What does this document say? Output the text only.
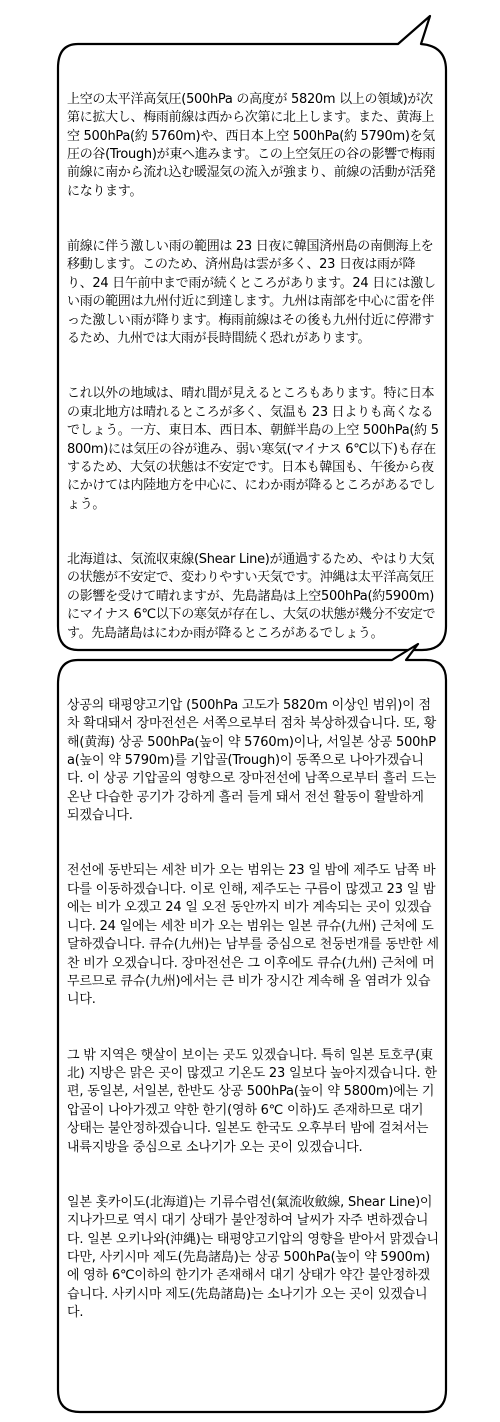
上空の太平洋高気圧(500hPa の高度が 5820m 以上の領域)が次第に拡大し、梅雨前線は西から次第に北上します。また、黄海上空 500hPa(約 5760m)や、西日本上空 500hPa(約 5790m)を気圧の谷(Trough)が東へ進みます。この上空気圧の谷の影響で梅雨前線に南から流れ込む暖湿気の流入が強まり、前線の活動が活発になります。

前線に伴う激しい雨の範囲は 23 日夜に韓国済州島の南側海上を移動します。このため、済州島は雲が多く、23 日夜は雨が降り、24 日午前中まで雨が続くところがあります。24 日には激しい雨の範囲は九州付近に到達します。九州は南部を中心に雷を伴った激しい雨が降ります。梅雨前線はその後も九州付近に停滞するため、九州では大雨が長時間続く恐れがあります。

これ以外の地域は、晴れ間が見えるところもあります。特に日本の東北地方は晴れるところが多く、気温も 23 日よりも高くなるでしょう。一方、東日本、西日本、朝鮮半島の上空 500hPa(約 5800m)には気圧の谷が進み、弱い寒気(マイナス 6℃以下)も存在するため、大気の状態は不安定です。日本も韓国も、午後から夜にかけては内陸地方を中心に、にわか雨が降るところがあるでしょう。

北海道は、気流収束線(Shear Line)が通過するため、やはり大気の状態が不安定で、変わりやすい天気です。沖縄は太平洋高気圧の影響を受けて晴れますが、先島諸島は上空500hPa(約5900m)にマイナス 6℃以下の寒気が存在し、大気の状態が幾分不安定です。先島諸島はにわか雨が降るところがあるでしょう。

상공의 태평양고기압 (500hPa 고도가 5820m 이상인 범위)이 점차 확대돼서 장마전선은 서쪽으로부터 점차 북상하겠습니다. 또, 황해(黄海) 상공 500hPa(높이 약 5760m)이나, 서일본 상공 500hPa(높이 약 5790m)를 기압골(Trough)이 동쪽으로 나아가겠습니다. 이 상공 기압골의 영향으로 장마전선에 남쪽으로부터 흘러 드는 온난 다습한 공기가 강하게 흘러 들게 돼서 전선 활동이 활발하게 되겠습니다.

전선에 동반되는 세찬 비가 오는 범위는 23 일 밤에 제주도 남쪽 바다를 이동하겠습니다. 이로 인해, 제주도는 구름이 많겠고 23 일 밤에는 비가 오겠고 24 일 오전 동안까지 비가 계속되는 곳이 있겠습니다. 24 일에는 세찬 비가 오는 범위는 일본 큐슈(九州) 근처에 도달하겠습니다. 큐슈(九州)는 남부를 중심으로 천둥번개를 동반한 세찬 비가 오겠습니다. 장마전선은 그 이후에도 큐슈(九州) 근처에 머무르므로 큐슈(九州)에서는 큰 비가 장시간 계속해 올 염려가 있습니다.

그 밖 지역은 햇살이 보이는 곳도 있겠습니다. 특히 일본 토호쿠(東北) 지방은 맑은 곳이 많겠고 기온도 23 일보다 높아지겠습니다. 한편, 동일본, 서일본, 한반도 상공 500hPa(높이 약 5800m)에는 기압골이 나아가겠고 약한 한기(영하 6℃ 이하)도 존재하므로 대기 상태는 불안정하겠습니다. 일본도 한국도 오후부터 밤에 걸쳐서는 내륙지방을 중심으로 소나기가 오는 곳이 있겠습니다.

일본 홋카이도(北海道)는 기류수렴선(氣流收斂線, Shear Line)이 지나가므로 역시 대기 상태가 불안정하여 날씨가 자주 변하겠습니다. 일본 오키나와(沖縄)는 태평양고기압의 영향을 받아서 맑겠습니다만, 사키시마 제도(先島諸島)는 상공 500hPa(높이 약 5900m)에 영하 6℃이하의 한기가 존재해서 대기 상태가 약간 불안정하겠습니다. 사키시마 제도(先島諸島)는 소나기가 오는 곳이 있겠습니다.
